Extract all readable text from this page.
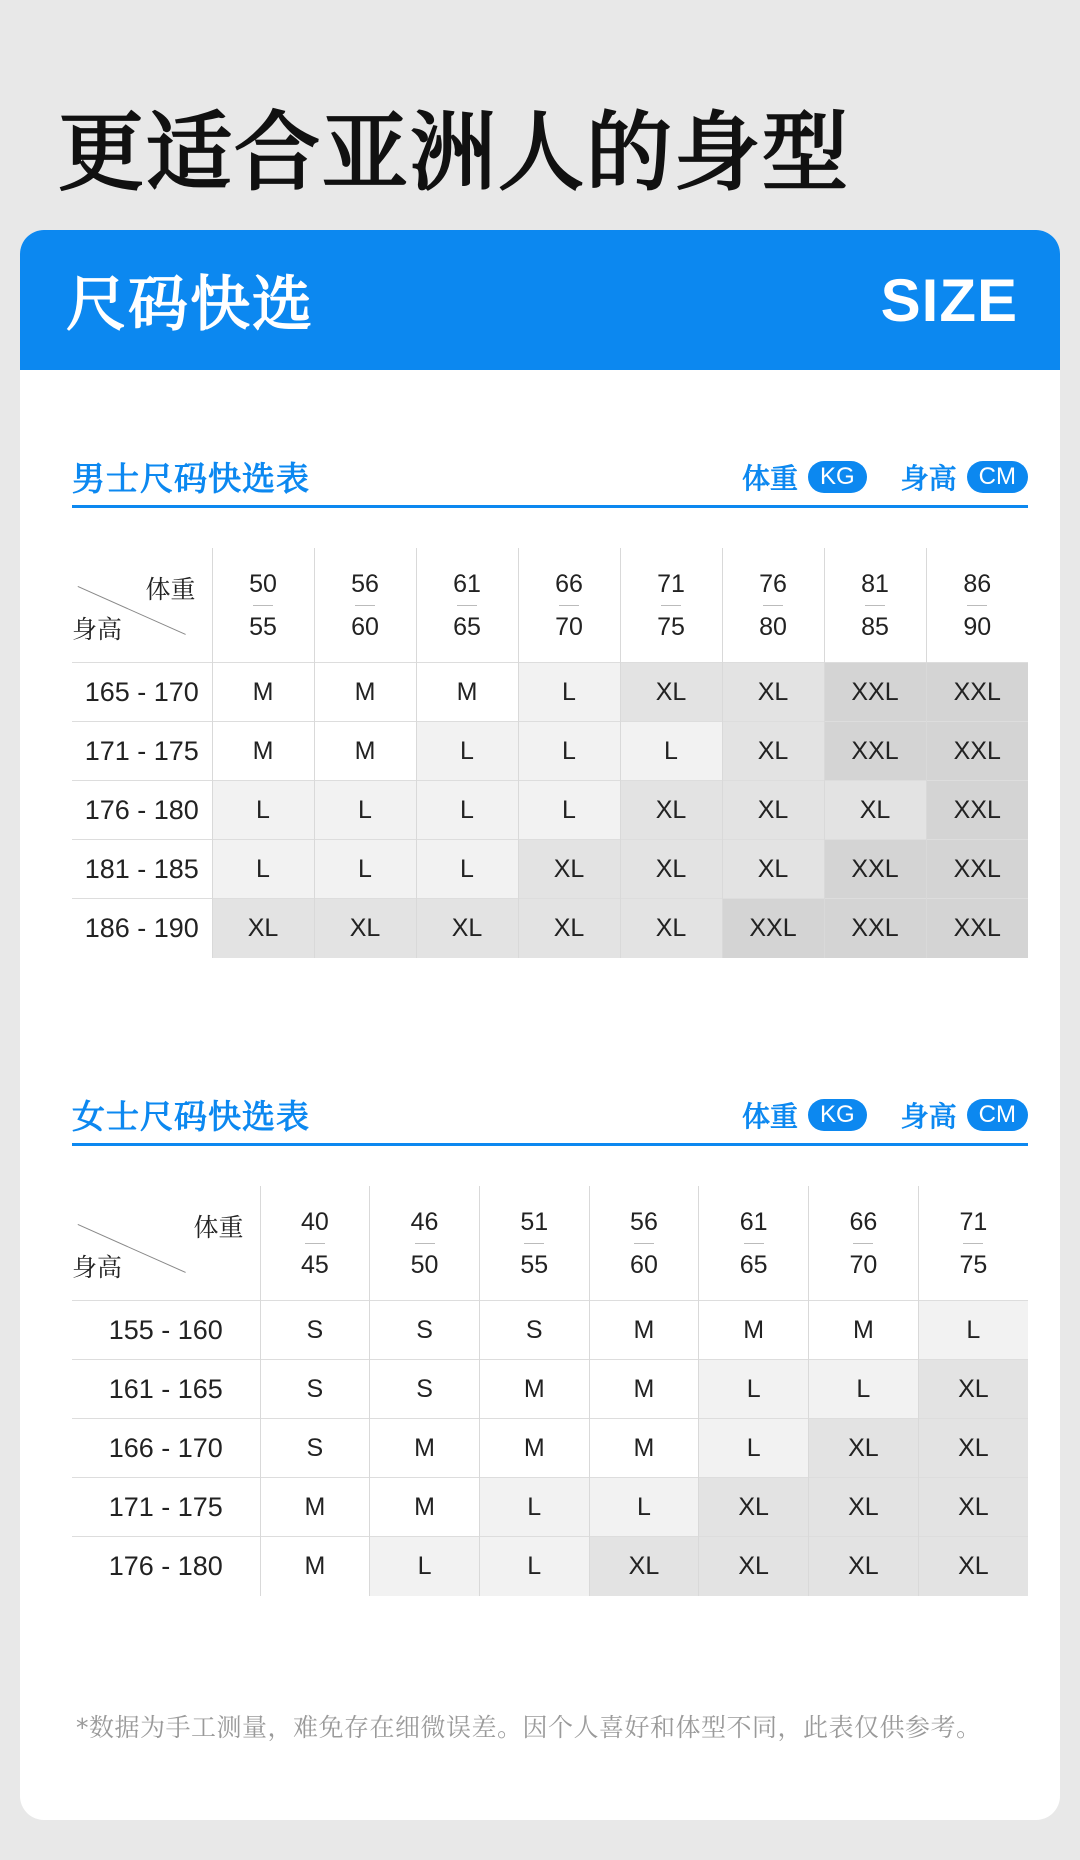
更适合亚洲人的身型
尺码快选	SIZE
男士尺码快选表	体重 KG	身高 CM
体重
身高	$\frac{50}{55}$	$\frac{56}{60}$	$\frac{61}{65}$	$\frac{66}{70}$	$\frac{71}{75}$	$\frac{76}{80}$	$\frac{81}{85}$	$\frac{86}{90}$

165 - 170	M	M	M	L	XL	XL	XXL	XXL
171 - 175	M	M	L	L	L	XL	XXL	XXL
176 - 180	L	L	L	L	XL	XL	XL	XXL
181 - 185	L	L	L	XL	XL	XL	XXL	XXL
186 - 190	XL	XL	XL	XL	XL	XXL	XXL	XXL
女士尺码快选表	体重 KG	身高 CM
体重
身高	$\frac{40}{45}$	$\frac{46}{50}$	$\frac{51}{55}$	$\frac{56}{60}$	$\frac{61}{65}$	$\frac{66}{70}$	$\frac{71}{75}$

155 - 160	S	S	S	M	M	M	L
161 - 165	S	S	M	M	L	L	XL
166 - 170	S	M	M	M	L	XL	XL
171 - 175	M	M	L	L	XL	XL	XL
176 - 180	M	L	L	XL	XL	XL	XL
*数据为手工测量，难免存在细微误差。因个人喜好和体型不同，此表仅供参考。
